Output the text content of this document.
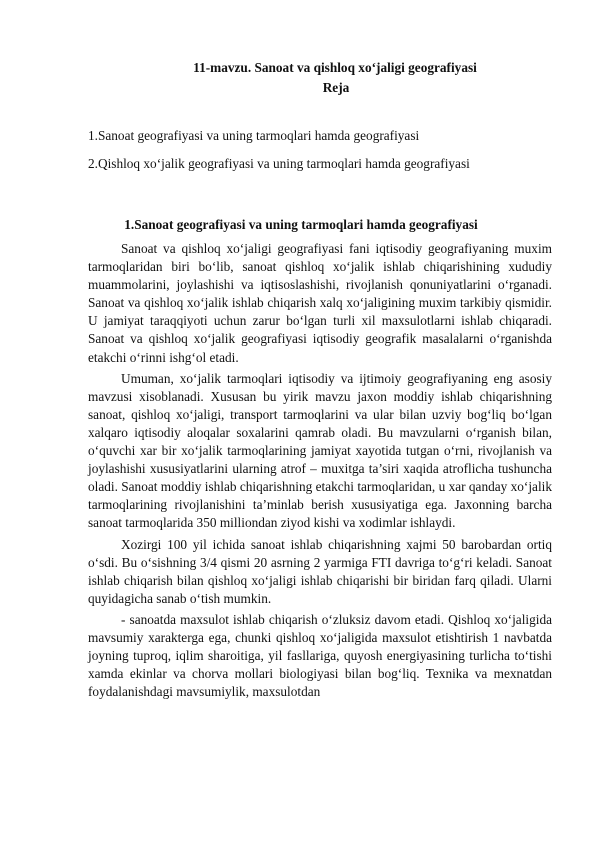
11-mavzu. Sanoat va qishloq xo‘jaligi geografiyasi

Reja

1.Sanoat geografiyasi va uning tarmoqlari hamda geografiyasi

2.Qishloq xo‘jalik geografiyasi va uning tarmoqlari hamda geografiyasi

1.Sanoat geografiyasi va uning tarmoqlari hamda geografiyasi

Sanoat va qishloq xo‘jaligi geografiyasi fani iqtisodiy geografiyaning muxim tarmoqlaridan biri bo‘lib, sanoat qishloq xo‘jalik ishlab chiqarishining xududiy muammolarini, joylashishi va iqtisoslashishi, rivojlanish qonuniyatlarini o‘rganadi. Sanoat va qishloq xo‘jalik ishlab chiqarish xalq xo‘jaligining muxim tarkibiy qismidir. U jamiyat taraqqiyoti uchun zarur bo‘lgan turli xil maxsulotlarni ishlab chiqaradi. Sanoat va qishloq xo‘jalik geografiyasi iqtisodiy geografik masalalarni o‘rganishda etakchi o‘rinni ishg‘ol etadi.

Umuman, xo‘jalik tarmoqlari iqtisodiy va ijtimoiy geografiyaning eng asosiy mavzusi xisoblanadi. Xususan bu yirik mavzu jaxon moddiy ishlab chiqarishning sanoat, qishloq xo‘jaligi, transport tarmoqlarini va ular bilan uzviy bog‘liq bo‘lgan xalqaro iqtisodiy aloqalar soxalarini qamrab oladi. Bu mavzularni o‘rganish bilan, o‘quvchi xar bir xo‘jalik tarmoqlarining jamiyat xayotida tutgan o‘rni, rivojlanish va joylashishi xususiyatlarini ularning atrof – muxitga ta’siri xaqida atroflicha tushuncha oladi. Sanoat moddiy ishlab chiqarishning etakchi tarmoqlaridan, u xar qanday xo‘jalik tarmoqlarining rivojlanishini ta’minlab berish xususiyatiga ega. Jaxonning barcha sanoat tarmoqlarida 350 milliondan ziyod kishi va xodimlar ishlaydi.

Xozirgi 100 yil ichida sanoat ishlab chiqarishning xajmi 50 barobardan ortiq o‘sdi. Bu o‘sishning 3/4 qismi 20 asrning 2 yarmiga FTI davriga to‘g‘ri keladi. Sanoat ishlab chiqarish bilan qishloq xo‘jaligi ishlab chiqarishi bir biridan farq qiladi. Ularni quyidagicha sanab o‘tish mumkin.

- sanoatda maxsulot ishlab chiqarish o‘zluksiz davom etadi. Qishloq xo‘jaligida mavsumiy xarakterga ega, chunki qishloq xo‘jaligida maxsulot etishtirish 1 navbatda joyning tuproq, iqlim sharoitiga, yil fasllariga, quyosh energiyasining turlicha to‘tishi xamda ekinlar va chorva mollari biologiyasi bilan bog‘liq. Texnika va mexnatdan foydalanishdagi mavsumiylik, maxsulotdan
